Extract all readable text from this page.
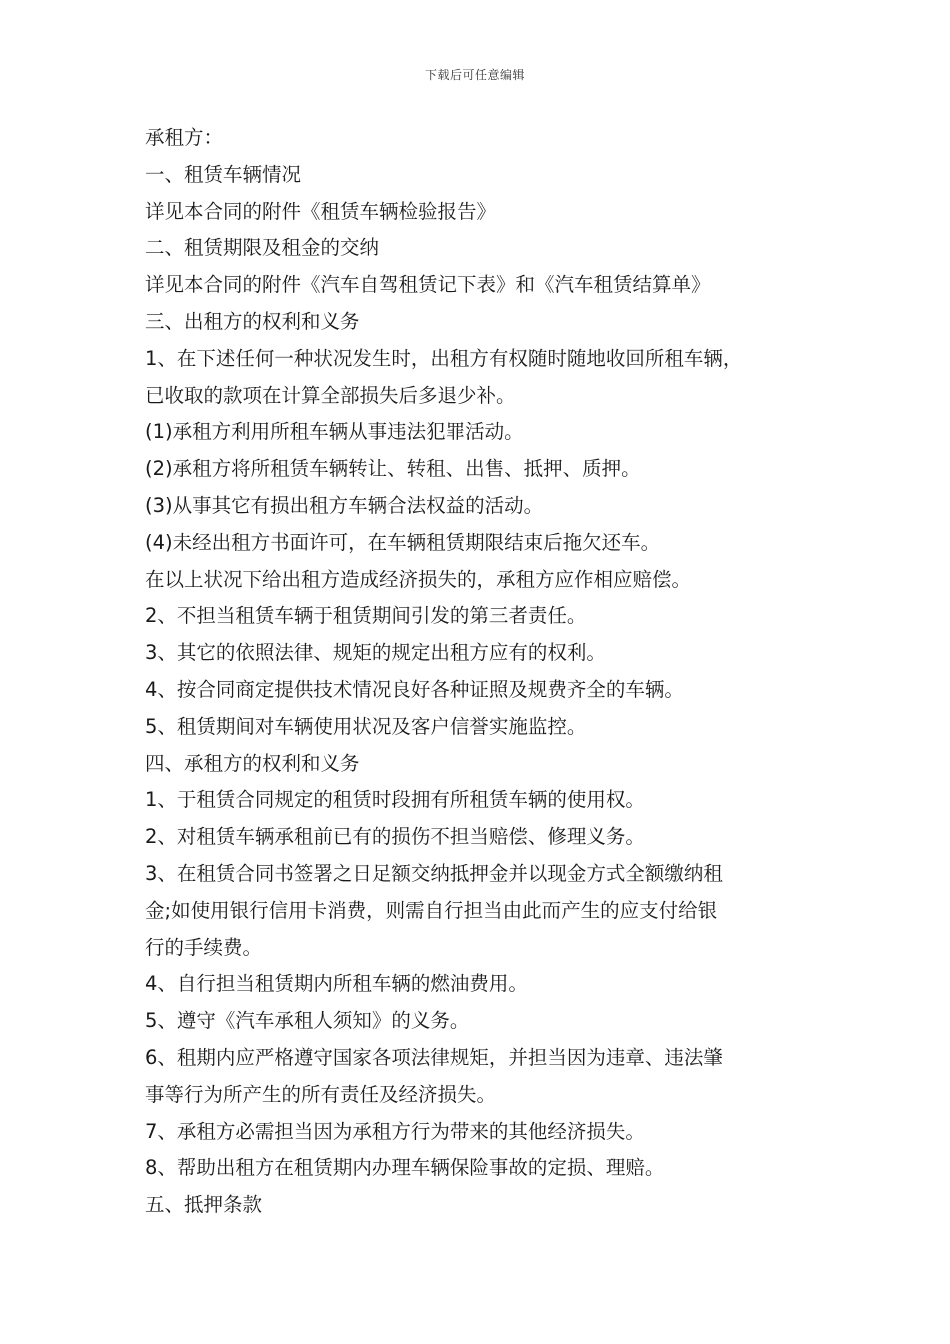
下载后可任意编辑

承租方：

一、租赁车辆情况

详见本合同的附件《租赁车辆检验报告》

二、租赁期限及租金的交纳

详见本合同的附件《汽车自驾租赁记下表》和《汽车租赁结算单》

三、出租方的权利和义务

1、在下述任何一种状况发生时，出租方有权随时随地收回所租车辆，

已收取的款项在计算全部损失后多退少补。

(1)承租方利用所租车辆从事违法犯罪活动。

(2)承租方将所租赁车辆转让、转租、出售、抵押、质押。

(3)从事其它有损出租方车辆合法权益的活动。

(4)未经出租方书面许可，在车辆租赁期限结束后拖欠还车。

在以上状况下给出租方造成经济损失的，承租方应作相应赔偿。

2、不担当租赁车辆于租赁期间引发的第三者责任。

3、其它的依照法律、规矩的规定出租方应有的权利。

4、按合同商定提供技术情况良好各种证照及规费齐全的车辆。

5、租赁期间对车辆使用状况及客户信誉实施监控。

四、承租方的权利和义务

1、于租赁合同规定的租赁时段拥有所租赁车辆的使用权。

2、对租赁车辆承租前已有的损伤不担当赔偿、修理义务。

3、在租赁合同书签署之日足额交纳抵押金并以现金方式全额缴纳租

金;如使用银行信用卡消费，则需自行担当由此而产生的应支付给银

行的手续费。

4、自行担当租赁期内所租车辆的燃油费用。

5、遵守《汽车承租人须知》的义务。

6、租期内应严格遵守国家各项法律规矩，并担当因为违章、违法肇

事等行为所产生的所有责任及经济损失。

7、承租方必需担当因为承租方行为带来的其他经济损失。

8、帮助出租方在租赁期内办理车辆保险事故的定损、理赔。

五、抵押条款
